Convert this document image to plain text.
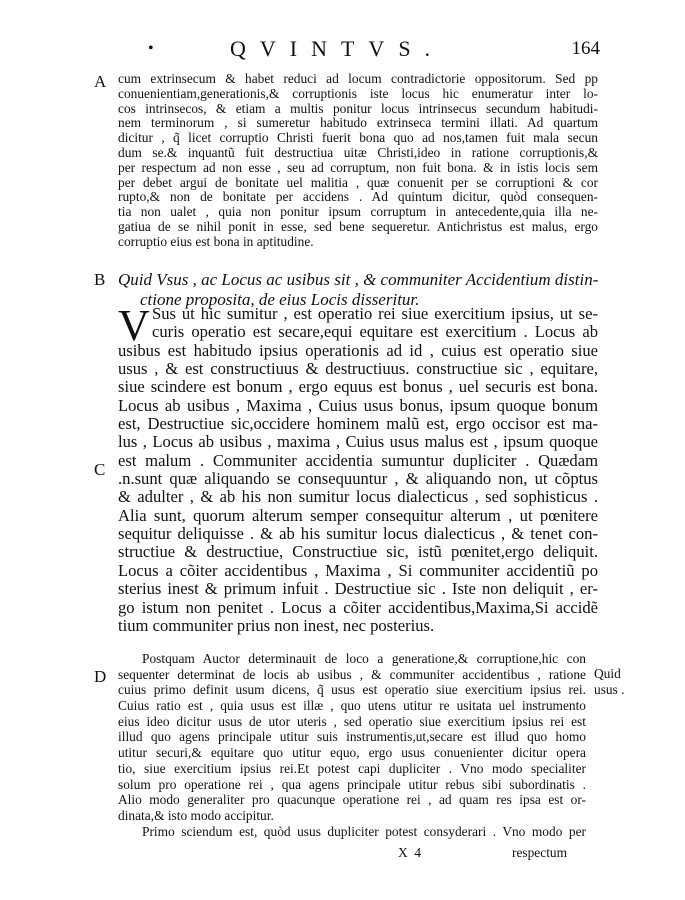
•	QVINTVS.	164
A
B
C
D
cum extrinsecum & habet reduci ad locum contradictorie oppositorum. Sed pp
conuenientiam,generationis,& corruptionis iste locus hic enumeratur inter lo-
cos intrinsecos, & etiam a multis ponitur locus intrinsecus secundum habitudi-
nem terminorum , si sumeretur habitudo extrinseca termini illati. Ad quartum
dicitur , q̃ licet corruptio Christi fuerit bona quo ad nos,tamen fuit mala secun
dum se.& inquantũ fuit destructiua uitæ Christi,ideo in ratione corruptionis,&
per respectum ad non esse , seu ad corruptum, non fuit bona. & in istis locis sem
per debet argui de bonitate uel malitia , quæ conuenit per se corruptioni & cor
rupto,& non de bonitate per accidens . Ad quintum dicitur, quòd consequen-
tia non ualet , quia non ponitur ipsum corruptum in antecedente,quia illa ne-
gatiua de se nihil ponit in esse, sed bene sequeretur. Antichristus est malus, ergo
corruptio eius est bona in aptitudine.
Quid Vsus , ac Locus ac usibus sit , & communiter Accidentium distin-
ctione proposita, de eius Locis disseritur.
V Sus ut hic sumitur , est operatio rei siue exercitium ipsius, ut se-
curis operatio est secare,equi equitare est exercitium . Locus ab
usibus est habitudo ipsius operationis ad id , cuius est operatio siue
usus , & est constructiuus & destructiuus. constructiue sic , equitare,
siue scindere est bonum , ergo equus est bonus , uel securis est bona.
Locus ab usibus , Maxima , Cuius usus bonus, ipsum quoque bonum
est, Destructiue sic,occidere hominem malũ est, ergo occisor est ma-
lus , Locus ab usibus , maxima , Cuius usus malus est , ipsum quoque
est malum . Communiter accidentia sumuntur dupliciter . Quædam
.n.sunt quæ aliquando se consequuntur , & aliquando non, ut cõptus
& adulter , & ab his non sumitur locus dialecticus , sed sophisticus .
Alia sunt, quorum alterum semper consequitur alterum , ut pœnitere
sequitur deliquisse . & ab his sumitur locus dialecticus , & tenet con-
structiue & destructiue, Constructiue sic, istũ pœnitet,ergo deliquit.
Locus a cõiter accidentibus , Maxima , Si communiter accidentiũ po
sterius inest & primum infuit . Destructiue sic . Iste non deliquit , er-
go istum non penitet . Locus a cõiter accidentibus,Maxima,Si accidẽ
tium communiter prius non inest, nec posterius.
Postquam Auctor determinauit de loco a generatione,& corruptione,hic con
sequenter determinat de locis ab usibus , & communiter accidentibus , ratione
cuius primo definit usum dicens, q̃ usus est operatio siue exercitium ipsius rei.
Cuius ratio est , quia usus est illæ , quo utens utitur re usitata uel instrumento
eius ideo dicitur usus de utor uteris , sed operatio siue exercitium ipsius rei est
illud quo agens principale utitur suis instrumentis,ut,secare est illud quo homo
utitur securi,& equitare quo utitur equo, ergo usus conuenienter dicitur opera
tio, siue exercitium ipsius rei.Et potest capi dupliciter . Vno modo specialiter
solum pro operatione rei , qua agens principale utitur rebus sibi subordinatis .
Alio modo generaliter pro quacunque operatione rei , ad quam res ipsa est or-
dinata,& isto modo accipitur.
Primo sciendum est, quòd usus dupliciter potest consyderari . Vno modo per
Quid
usus .
X  4	respectum
